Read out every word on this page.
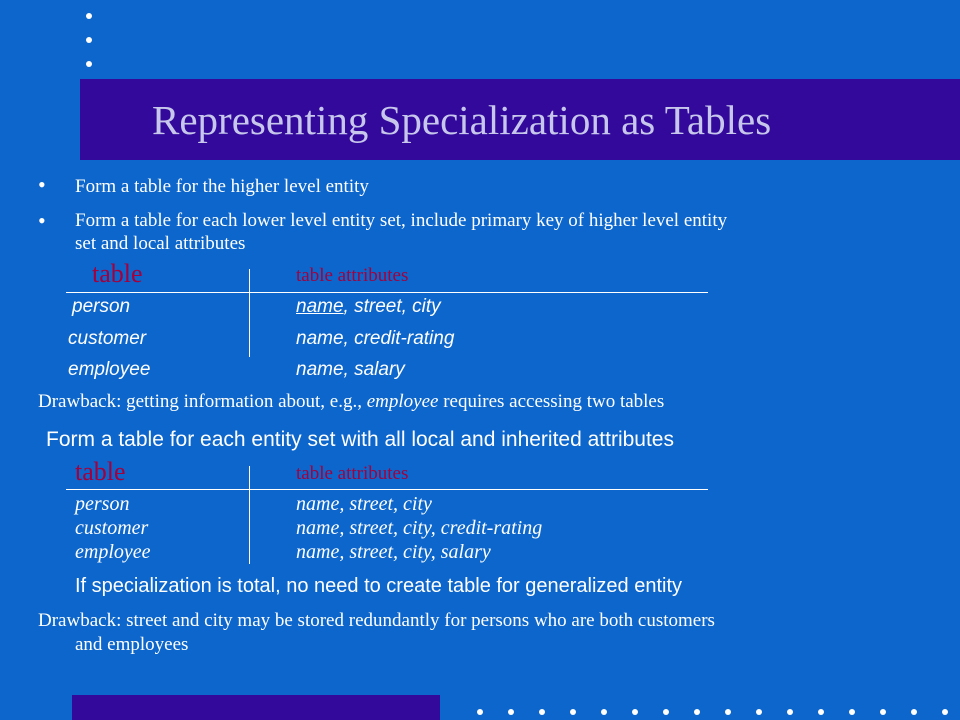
Representing Specialization as Tables
• Form a table for the higher level entity
• Form a table for each lower level entity set, include primary key of higher level entity
set and local attributes
table	table attributes
person	name, street, city
customer	name, credit-rating
employee	name, salary
Drawback: getting information about, e.g., employee requires accessing two tables
Form a table for each entity set with all local and inherited attributes
table	table attributes
person	name, street, city
customer	name, street, city, credit-rating
employee	name, street, city, salary
If specialization is total, no need to create table for generalized entity
Drawback: street and city may be stored redundantly for persons who are both customers
and employees
